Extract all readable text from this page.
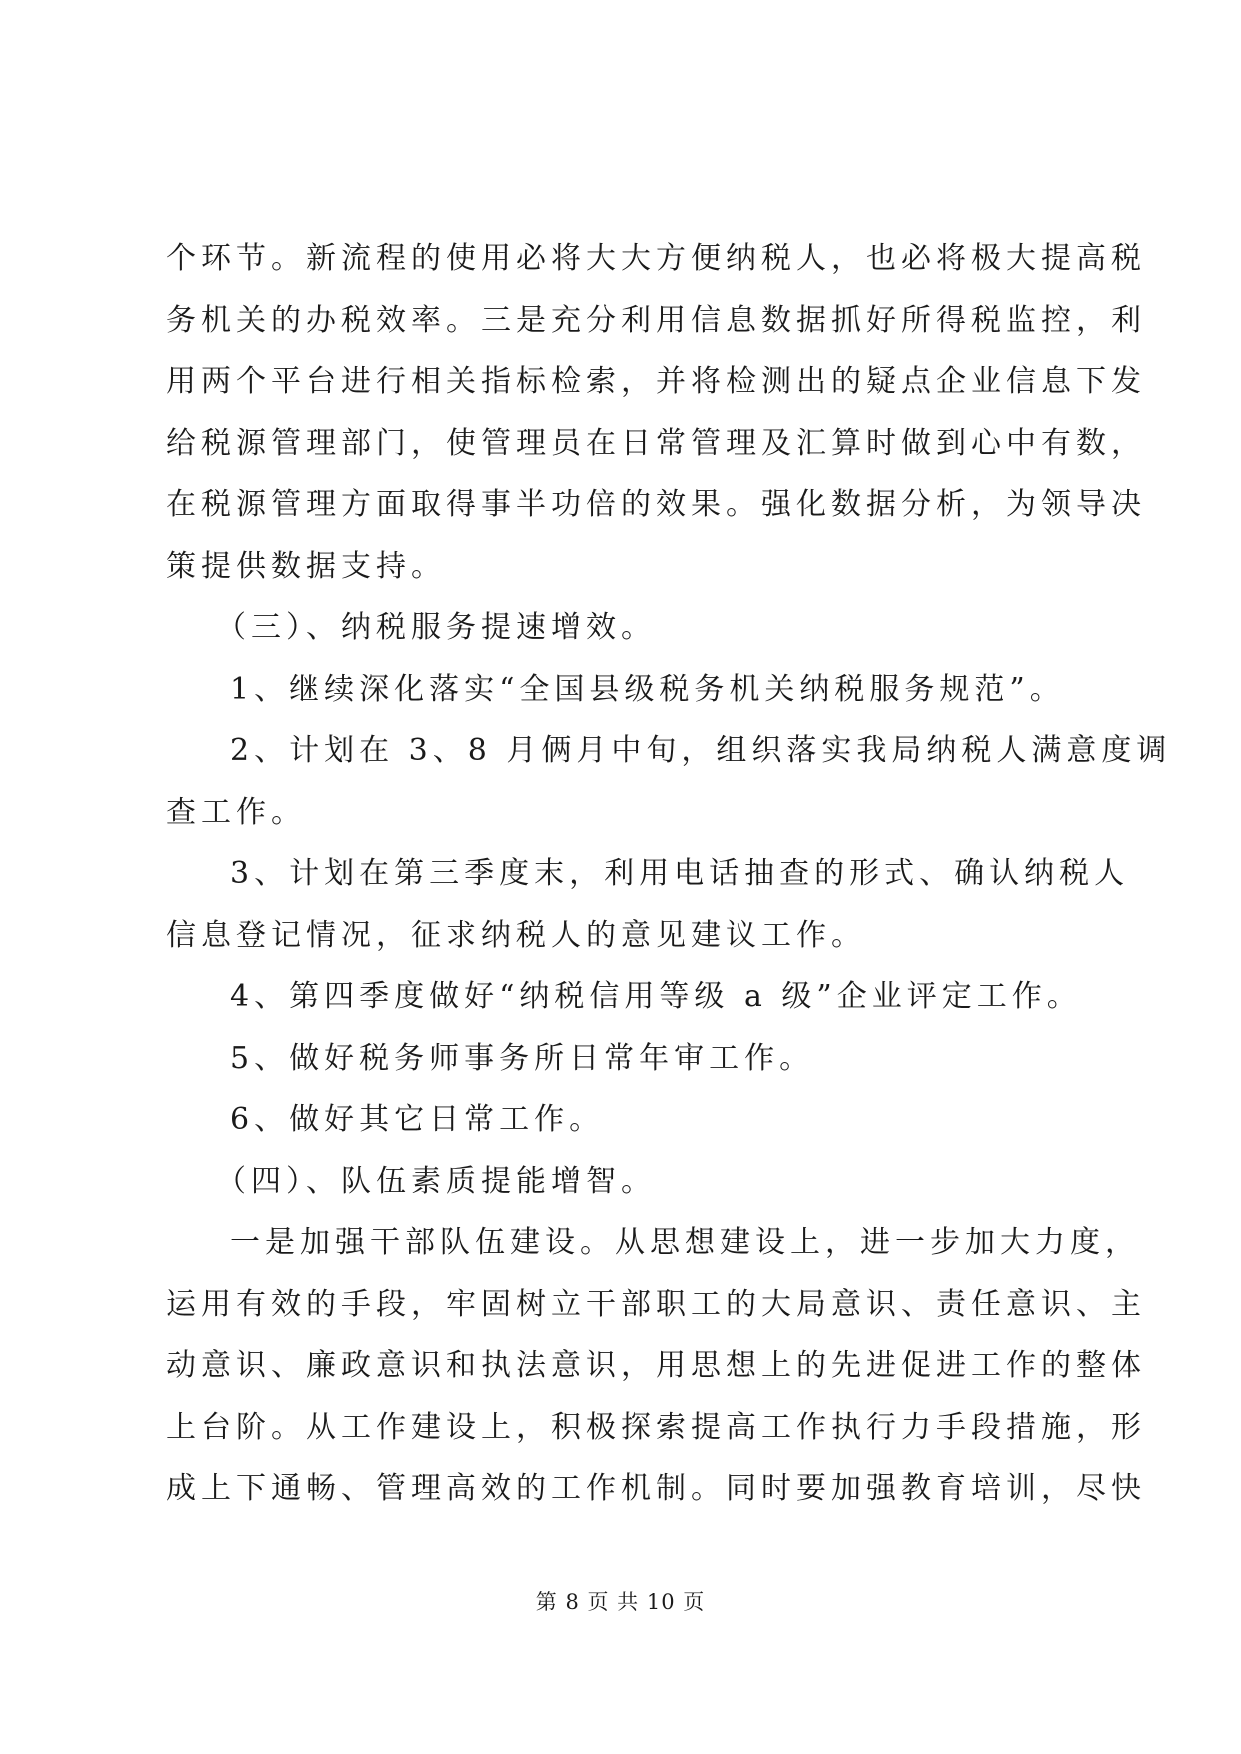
个环节。新流程的使用必将大大方便纳税人，也必将极大提高税
务机关的办税效率。三是充分利用信息数据抓好所得税监控，利
用两个平台进行相关指标检索，并将检测出的疑点企业信息下发
给税源管理部门，使管理员在日常管理及汇算时做到心中有数，
在税源管理方面取得事半功倍的效果。强化数据分析，为领导决
策提供数据支持。
（三）、纳税服务提速增效。
1、继续深化落实“全国县级税务机关纳税服务规范”。
2、计划在 3、8 月俩月中旬，组织落实我局纳税人满意度调
查工作。
3、计划在第三季度末，利用电话抽查的形式、确认纳税人
信息登记情况，征求纳税人的意见建议工作。
4、第四季度做好“纳税信用等级 a 级”企业评定工作。
5、做好税务师事务所日常年审工作。
6、做好其它日常工作。
（四）、队伍素质提能增智。
一是加强干部队伍建设。从思想建设上，进一步加大力度，
运用有效的手段，牢固树立干部职工的大局意识、责任意识、主
动意识、廉政意识和执法意识，用思想上的先进促进工作的整体
上台阶。从工作建设上，积极探索提高工作执行力手段措施，形
成上下通畅、管理高效的工作机制。同时要加强教育培训，尽快
第 8 页 共 10 页
